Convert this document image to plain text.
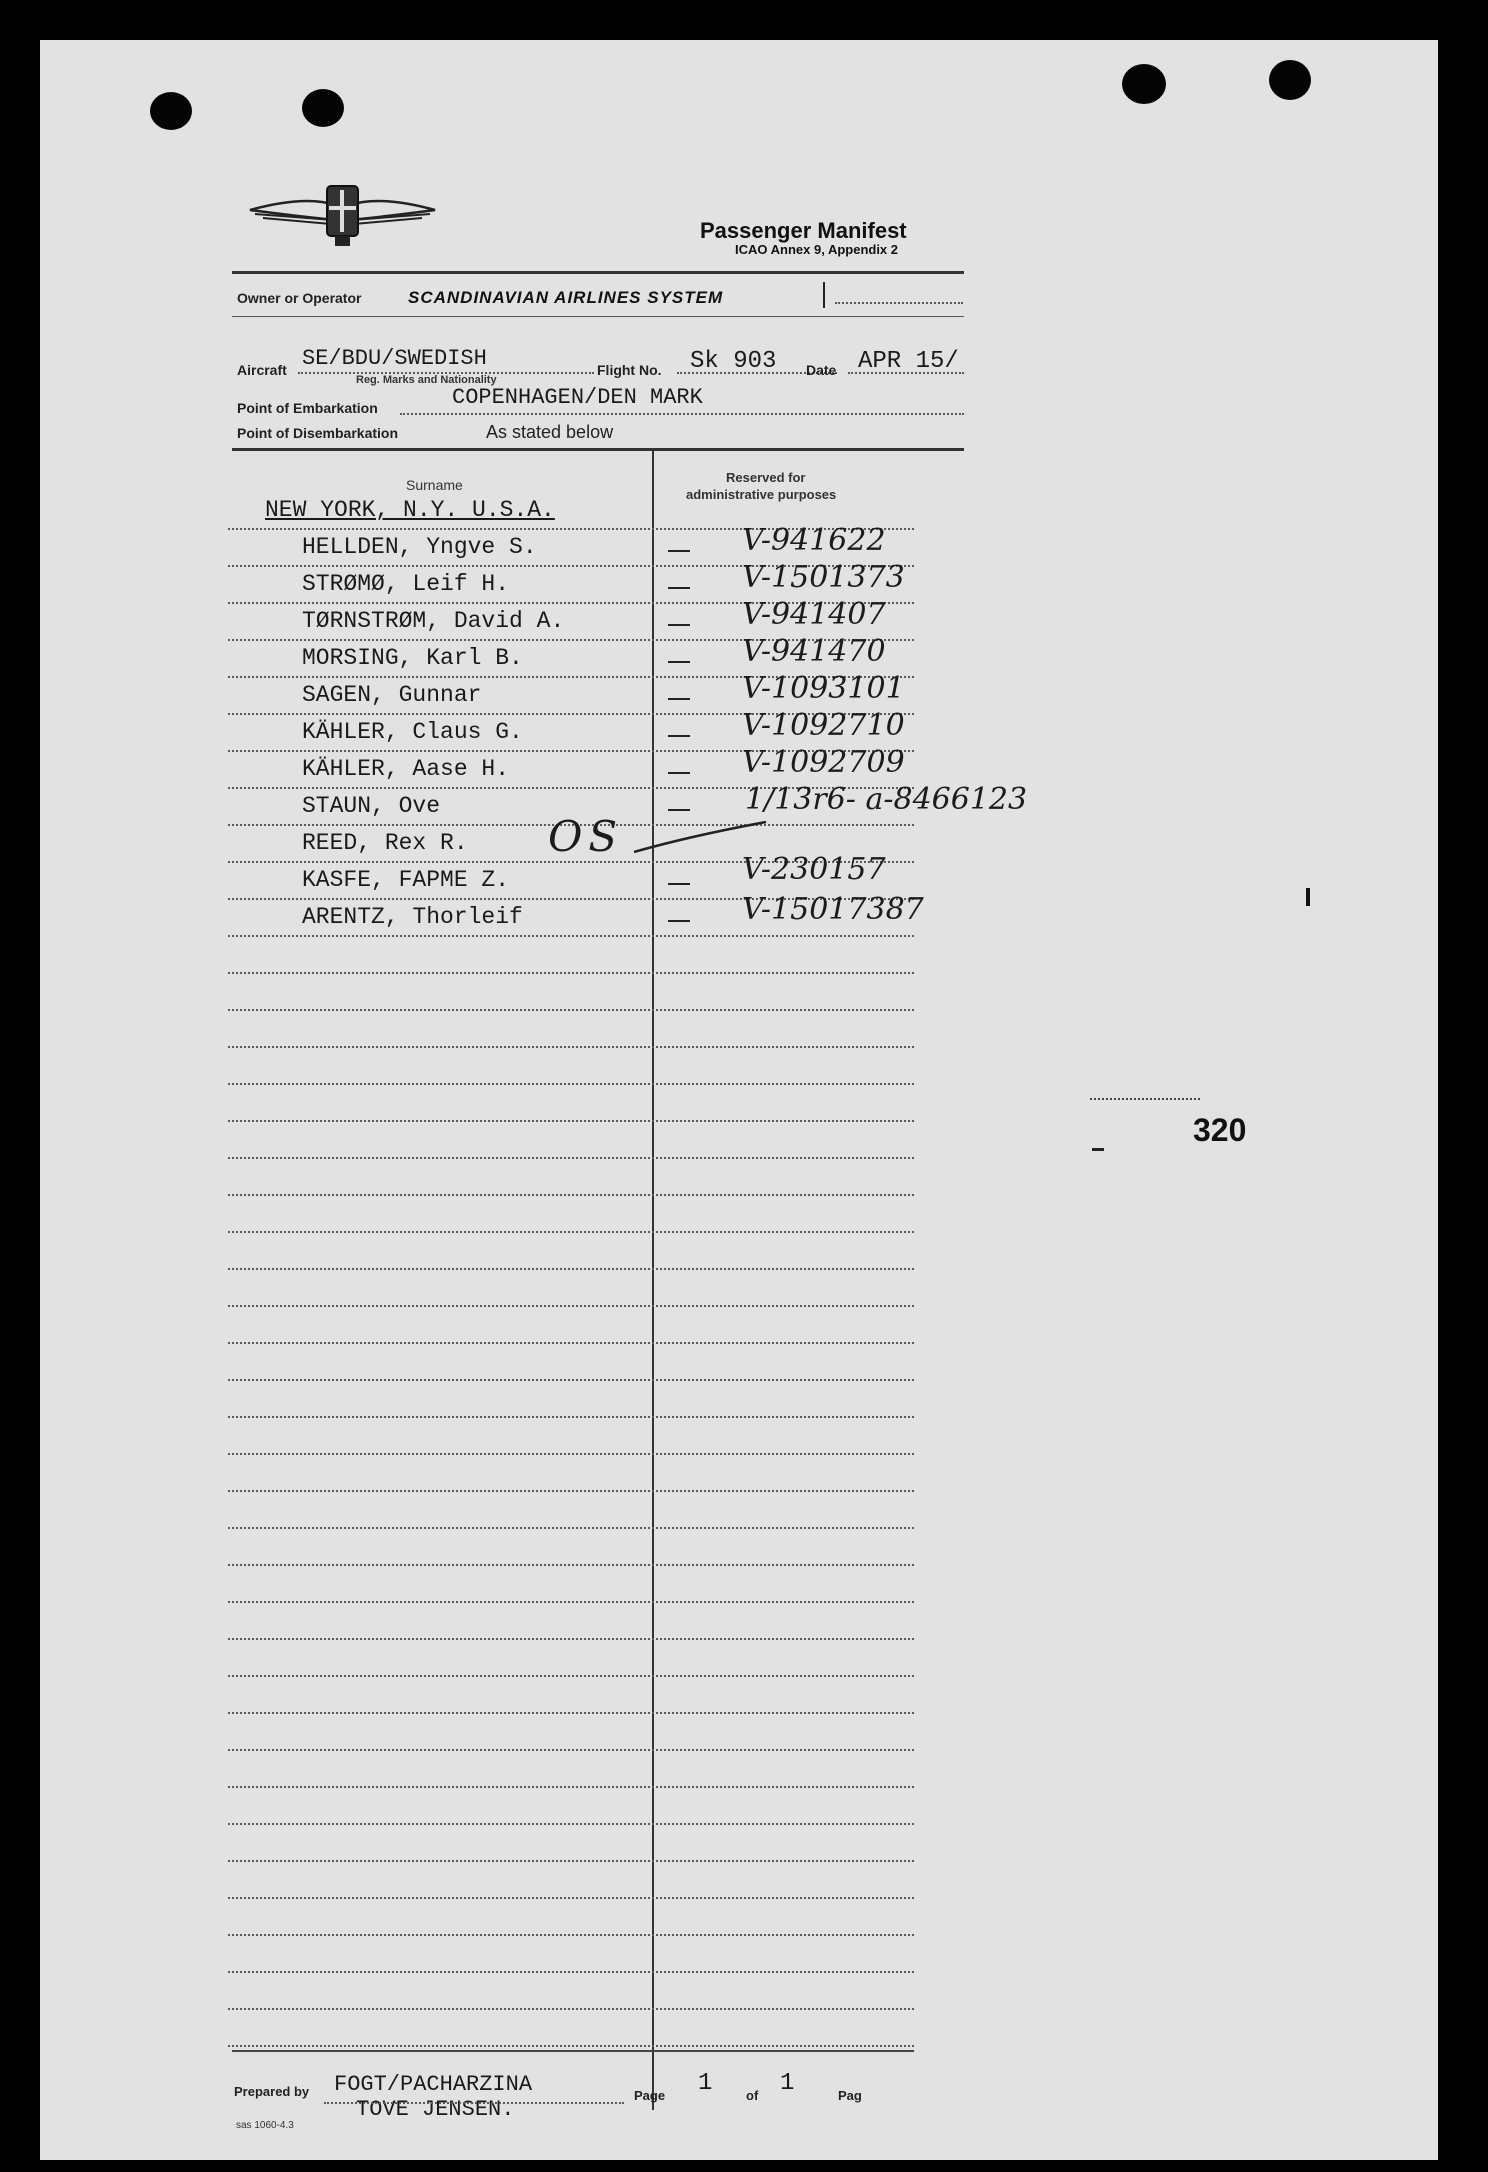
Passenger Manifest
ICAO Annex 9, Appendix 2
Owner or Operator	SCANDINAVIAN AIRLINES SYSTEM
Aircraft SE/BDU/SWEDISH
Reg. Marks and Nationality
Flight No. Sk 903 Date APR 15/
Point of Embarkation	COPENHAGEN/DEN MARK
Point of Disembarkation	As stated below
Surname	Reserved for
administrative purposes
NEW YORK, N.Y. U.S.A.
HELLDEN, Yngve S.	V-941622
STRØMØ, Leif H.	V-1501373
TØRNSTRØM, David A.	V-941407
MORSING, Karl B.	V-941470
SAGEN, Gunnar	V-1093101
KÄHLER, Claus G.	V-1092710
KÄHLER, Aase H.	V-1092709
STAUN, Ove	1/13r6- a-8466123
REED, Rex R. OS
KASFE, FAPME Z.	V-230157
ARENTZ, Thorleif	V-15017387
320
Prepared by FOGT/PACHARZINA
TOVE JENSEN.
Page 1	of 1	Pag
sas 1060-4.3
